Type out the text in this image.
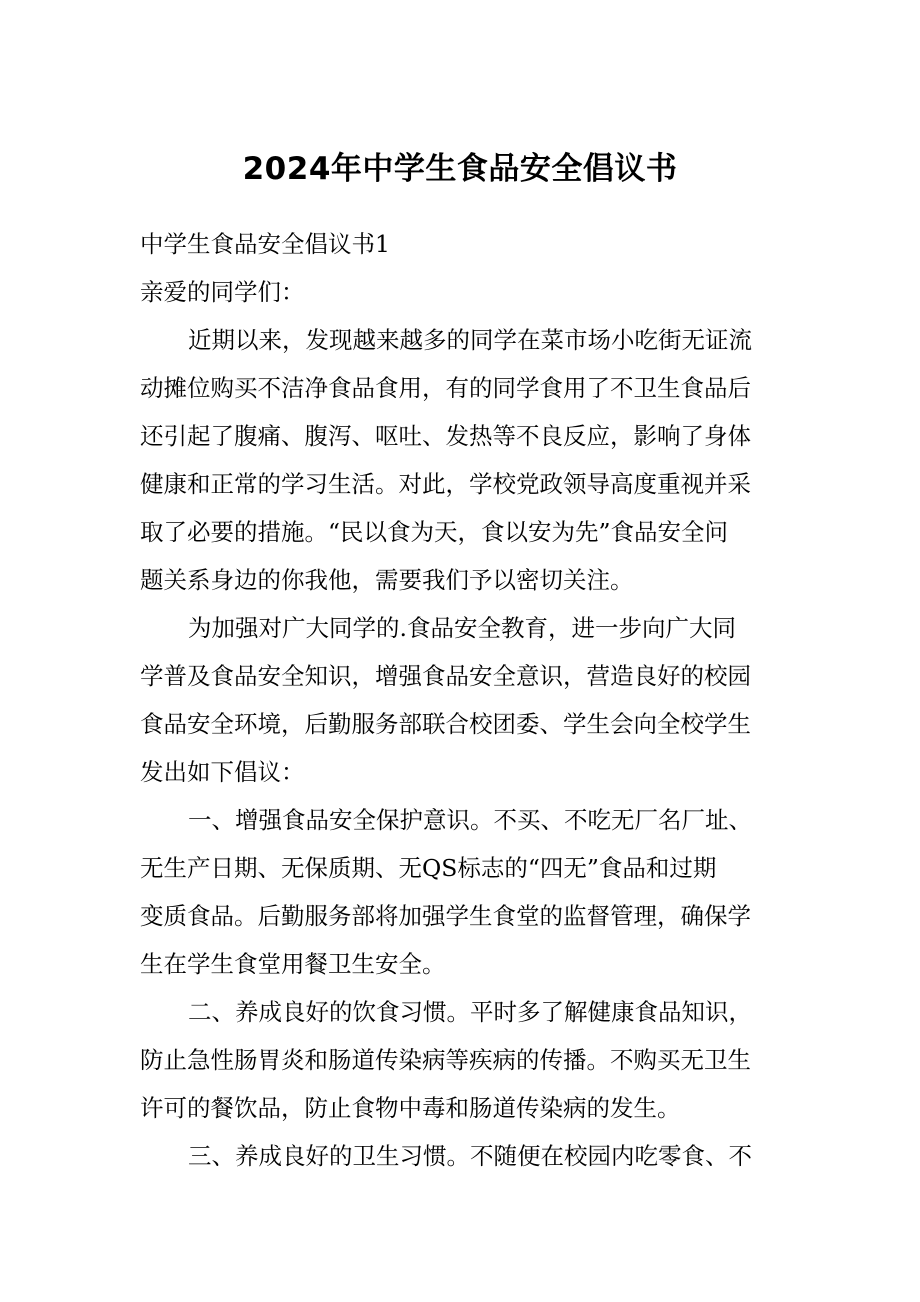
2024年中学生食品安全倡议书
中学生食品安全倡议书1
亲爱的同学们：
近期以来，发现越来越多的同学在菜市场小吃街无证流
动摊位购买不洁净食品食用，有的同学食用了不卫生食品后
还引起了腹痛、腹泻、呕吐、发热等不良反应，影响了身体
健康和正常的学习生活。对此，学校党政领导高度重视并采
取了必要的措施。“民以食为天，食以安为先”食品安全问
题关系身边的你我他，需要我们予以密切关注。
为加强对广大同学的.食品安全教育，进一步向广大同
学普及食品安全知识，增强食品安全意识，营造良好的校园
食品安全环境，后勤服务部联合校团委、学生会向全校学生
发出如下倡议：
一、增强食品安全保护意识。不买、不吃无厂名厂址、
无生产日期、无保质期、无QS标志的“四无”食品和过期
变质食品。后勤服务部将加强学生食堂的监督管理，确保学
生在学生食堂用餐卫生安全。
二、养成良好的饮食习惯。平时多了解健康食品知识，
防止急性肠胃炎和肠道传染病等疾病的传播。不购买无卫生
许可的餐饮品，防止食物中毒和肠道传染病的发生。
三、养成良好的卫生习惯。不随便在校园内吃零食、不
